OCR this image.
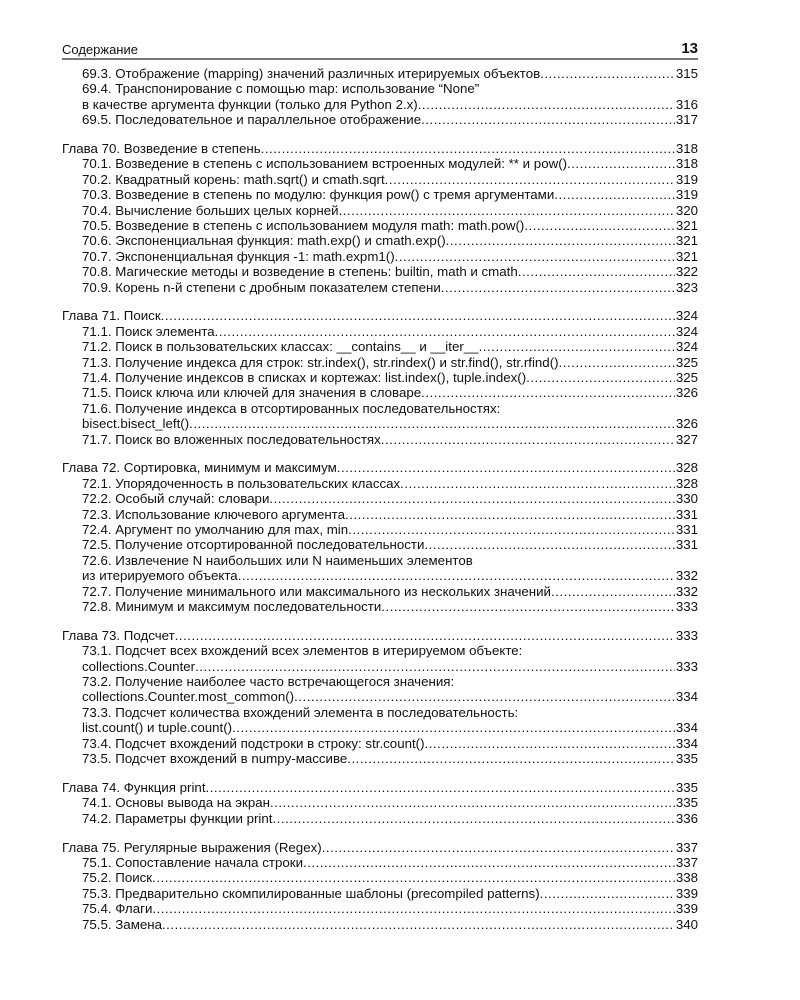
Содержание	13
69.3. Отображение (mapping) значений различных итерируемых объектов .....	315
69.4. Транспонирование с помощью map: использование “None”
в качестве аргумента функции (только для Python 2.x) .....	316
69.5. Последовательное и параллельное отображение .....	317
Глава 70. Возведение в степень .....	318
70.1. Возведение в степень с использованием встроенных модулей: ** и pow() .....	318
70.2. Квадратный корень: math.sqrt() и cmath.sqrt .....	319
70.3. Возведение в степень по модулю: функция pow() с тремя аргументами .....	319
70.4. Вычисление больших целых корней .....	320
70.5. Возведение в степень с использованием модуля math: math.pow() .....	321
70.6. Экспоненциальная функция: math.exp() и cmath.exp() .....	321
70.7. Экспоненциальная функция -1: math.expm1() .....	321
70.8. Магические методы и возведение в степень: builtin, math и cmath .....	322
70.9. Корень n-й степени с дробным показателем степени .....	323
Глава 71. Поиск .....	324
71.1. Поиск элемента .....	324
71.2. Поиск в пользовательских классах: __contains__ и __iter__ .....	324
71.3. Получение индекса для строк: str.index(), str.rindex() и str.find(), str.rfind() .....	325
71.4. Получение индексов в списках и кортежах: list.index(), tuple.index() .....	325
71.5. Поиск ключа или ключей для значения в словаре .....	326
71.6. Получение индекса в отсортированных последовательностях:
bisect.bisect_left() .....	326
71.7. Поиск во вложенных последовательностях .....	327
Глава 72. Сортировка, минимум и максимум .....	328
72.1. Упорядоченность в пользовательских классах .....	328
72.2. Особый случай: словари .....	330
72.3. Использование ключевого аргумента .....	331
72.4. Аргумент по умолчанию для max, min .....	331
72.5. Получение отсортированной последовательности .....	331
72.6. Извлечение N наибольших или N наименьших элементов
из итерируемого объекта .....	332
72.7. Получение минимального или максимального из нескольких значений .....	332
72.8. Минимум и максимум последовательности .....	333
Глава 73. Подсчет .....	333
73.1. Подсчет всех вхождений всех элементов в итерируемом объекте:
collections.Counter .....	333
73.2. Получение наиболее часто встречающегося значения:
collections.Counter.most_common() .....	334
73.3. Подсчет количества вхождений элемента в последовательность:
list.count() и tuple.count() .....	334
73.4. Подсчет вхождений подстроки в строку: str.count() .....	334
73.5. Подсчет вхождений в numpy-массиве .....	335
Глава 74. Функция print .....	335
74.1. Основы вывода на экран .....	335
74.2. Параметры функции print .....	336
Глава 75. Регулярные выражения (Regex) .....	337
75.1. Сопоставление начала строки .....	337
75.2. Поиск .....	338
75.3. Предварительно скомпилированные шаблоны (precompiled patterns) .....	339
75.4. Флаги .....	339
75.5. Замена .....	340
